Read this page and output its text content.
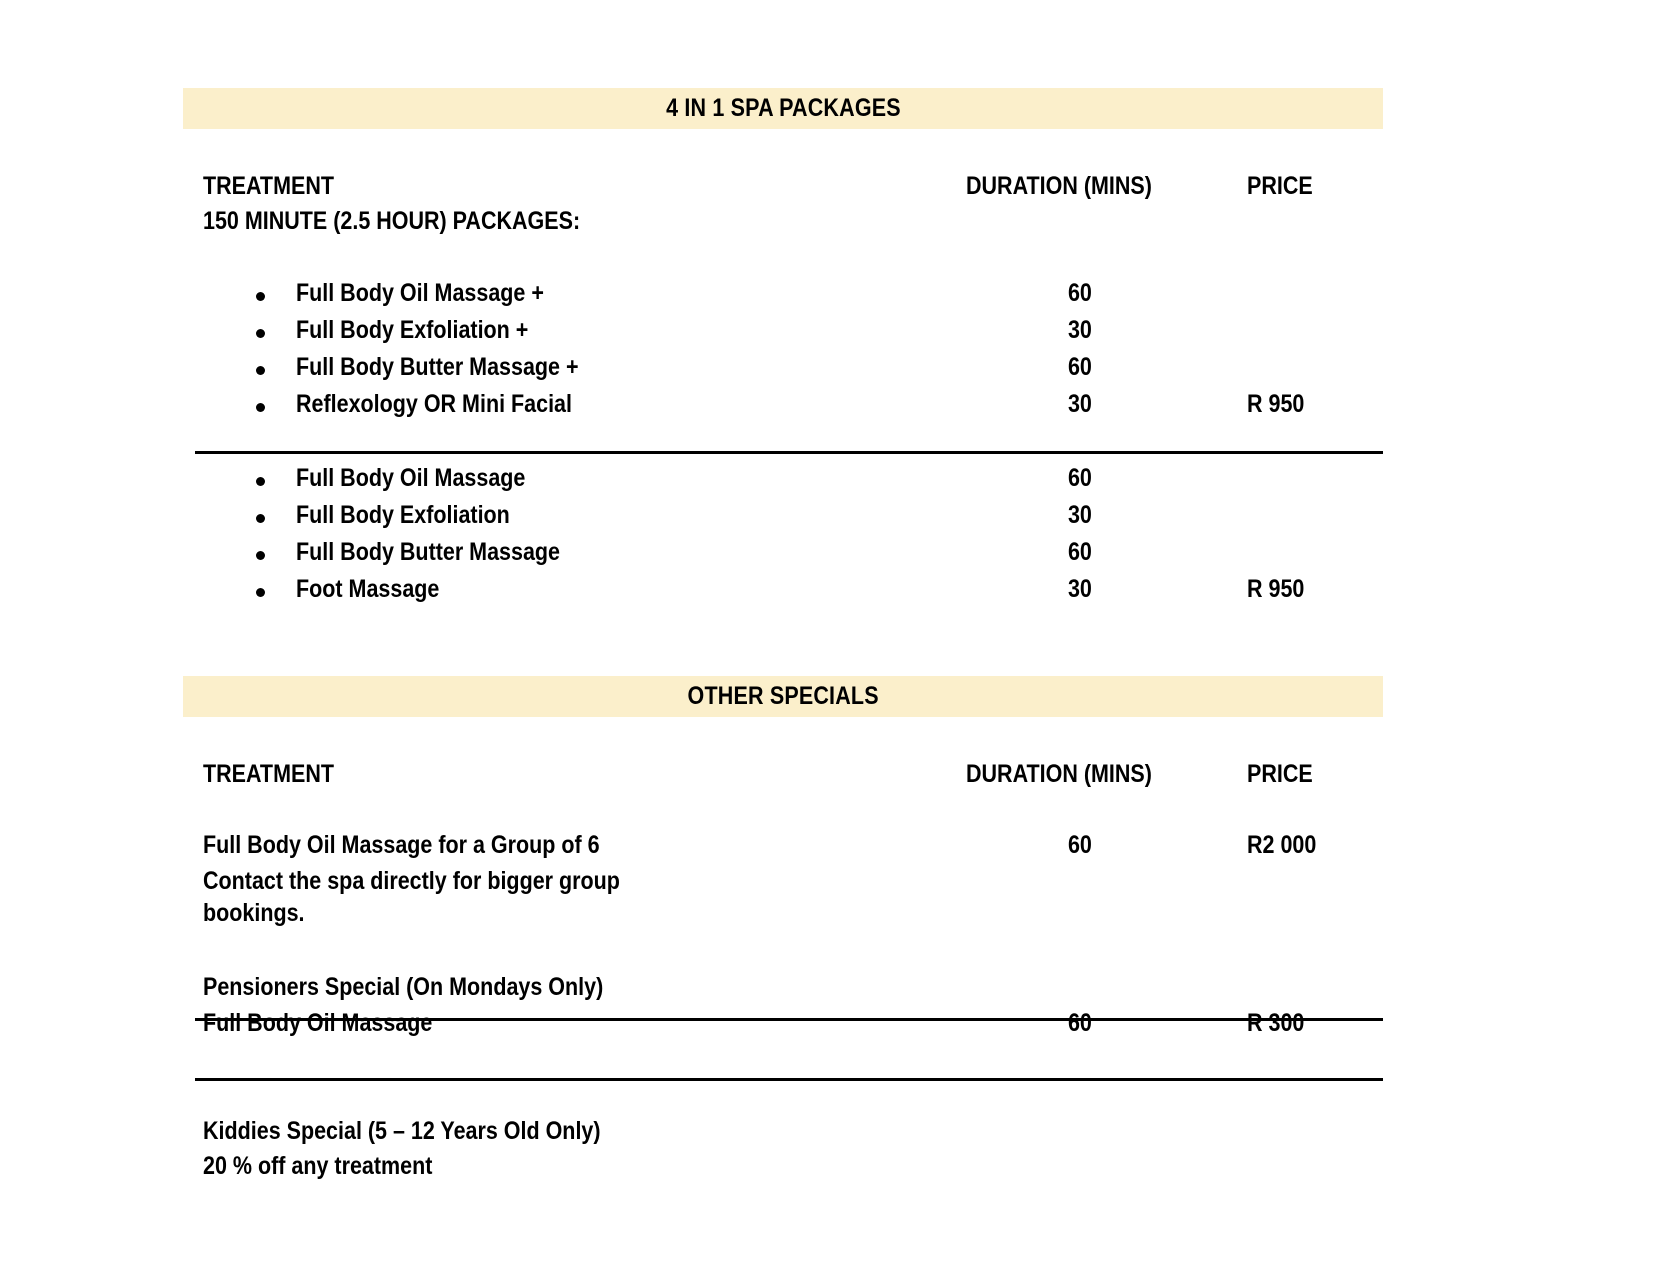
4 IN 1 SPA PACKAGES
TREATMENT	DURATION (MINS)	PRICE
150 MINUTE (2.5 HOUR) PACKAGES:
Full Body Oil Massage +	60
Full Body Exfoliation +	30
Full Body Butter Massage +	60
Reflexology OR Mini Facial	30	R 950
Full Body Oil Massage	60
Full Body Exfoliation	30
Full Body Butter Massage	60
Foot Massage	30	R 950
OTHER SPECIALS
TREATMENT	DURATION (MINS)	PRICE
Full Body Oil Massage for a Group of 6	60	R2 000
Contact the spa directly for bigger group
bookings.
Pensioners Special (On Mondays Only)
Full Body Oil Massage	60	R 300
Kiddies Special (5 – 12 Years Old Only)
20 % off any treatment
